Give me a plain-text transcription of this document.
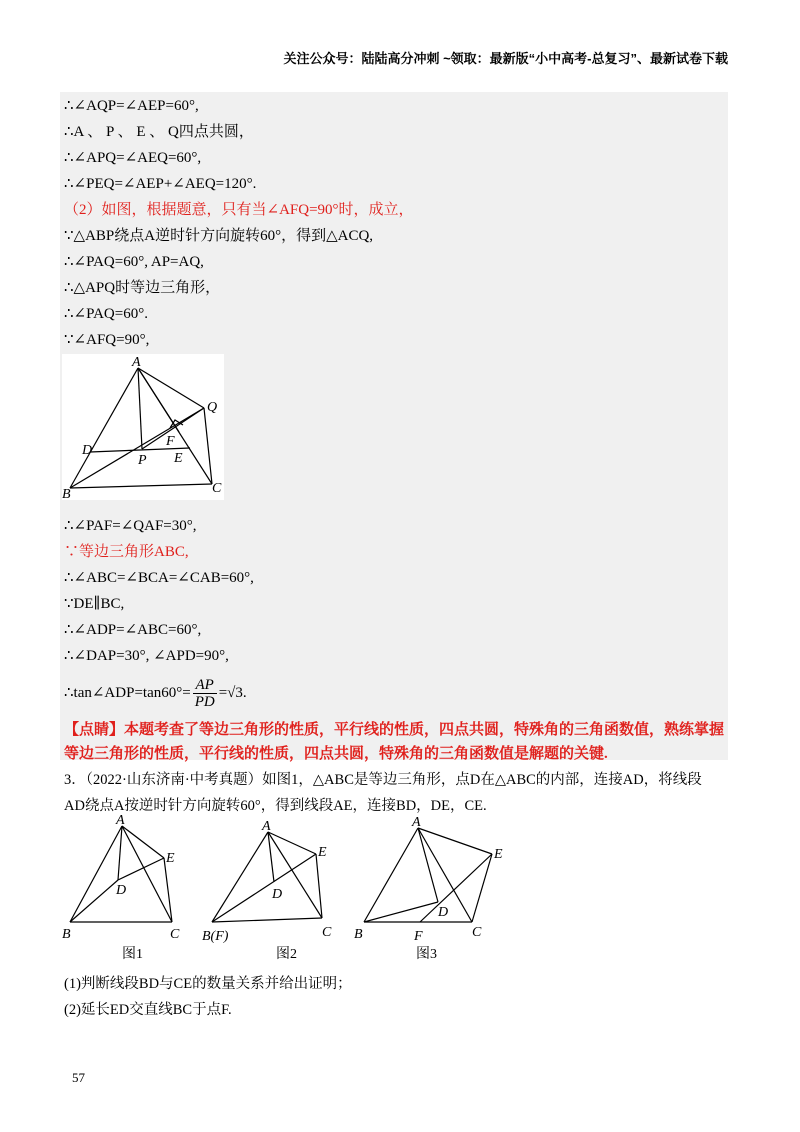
关注公众号：陆陆高分冲刺 ~领取：最新版“小中高考-总复习”、最新试卷下载
∴∠AQP=∠AEP=60°,
∴A 、 P 、 E 、 Q四点共圆，
∴∠APQ=∠AEQ=60°,
∴∠PEQ=∠AEP+∠AEQ=120°.
（2）如图，根据题意，只有当∠AFQ=90°时，成立，
∵△ABP绕点A逆时针方向旋转60°，得到△ACQ,
∴∠PAQ=60°, AP=AQ,
∴△APQ时等边三角形，
∴∠PAQ=60°.
∵∠AFQ=90°,
A
Q
D
F
P E
B	C
∴∠PAF=∠QAF=30°,
∵等边三角形ABC,
∴∠ABC=∠BCA=∠CAB=60°,
∵DE∥BC,
∴∠ADP=∠ABC=60°,
∴∠DAP=30°, ∠APD=90°,
∴tan∠ADP=tan60°= $\frac{AP}{PD} =√3$.
【点睛】本题考查了等边三角形的性质，平行线的性质，四点共圆，特殊角的三角函数值，熟练掌握等边三角形的性质，平行线的性质，四点共圆，特殊角的三角函数值是解题的关键.
3．（2022·山东济南·中考真题）如图1，△ABC是等边三角形，点D在△ABC的内部，连接AD，将线段
AD绕点A按逆时针方向旋转60°，得到线段AE，连接BD，DE，CE.
A
E
D
B	C
A
E
D
B(F)	C
A
E
D
F
B	C
图1	图2	图3
(1)判断线段BD与CE的数量关系并给出证明；
(2)延长ED交直线BC于点F.
57
